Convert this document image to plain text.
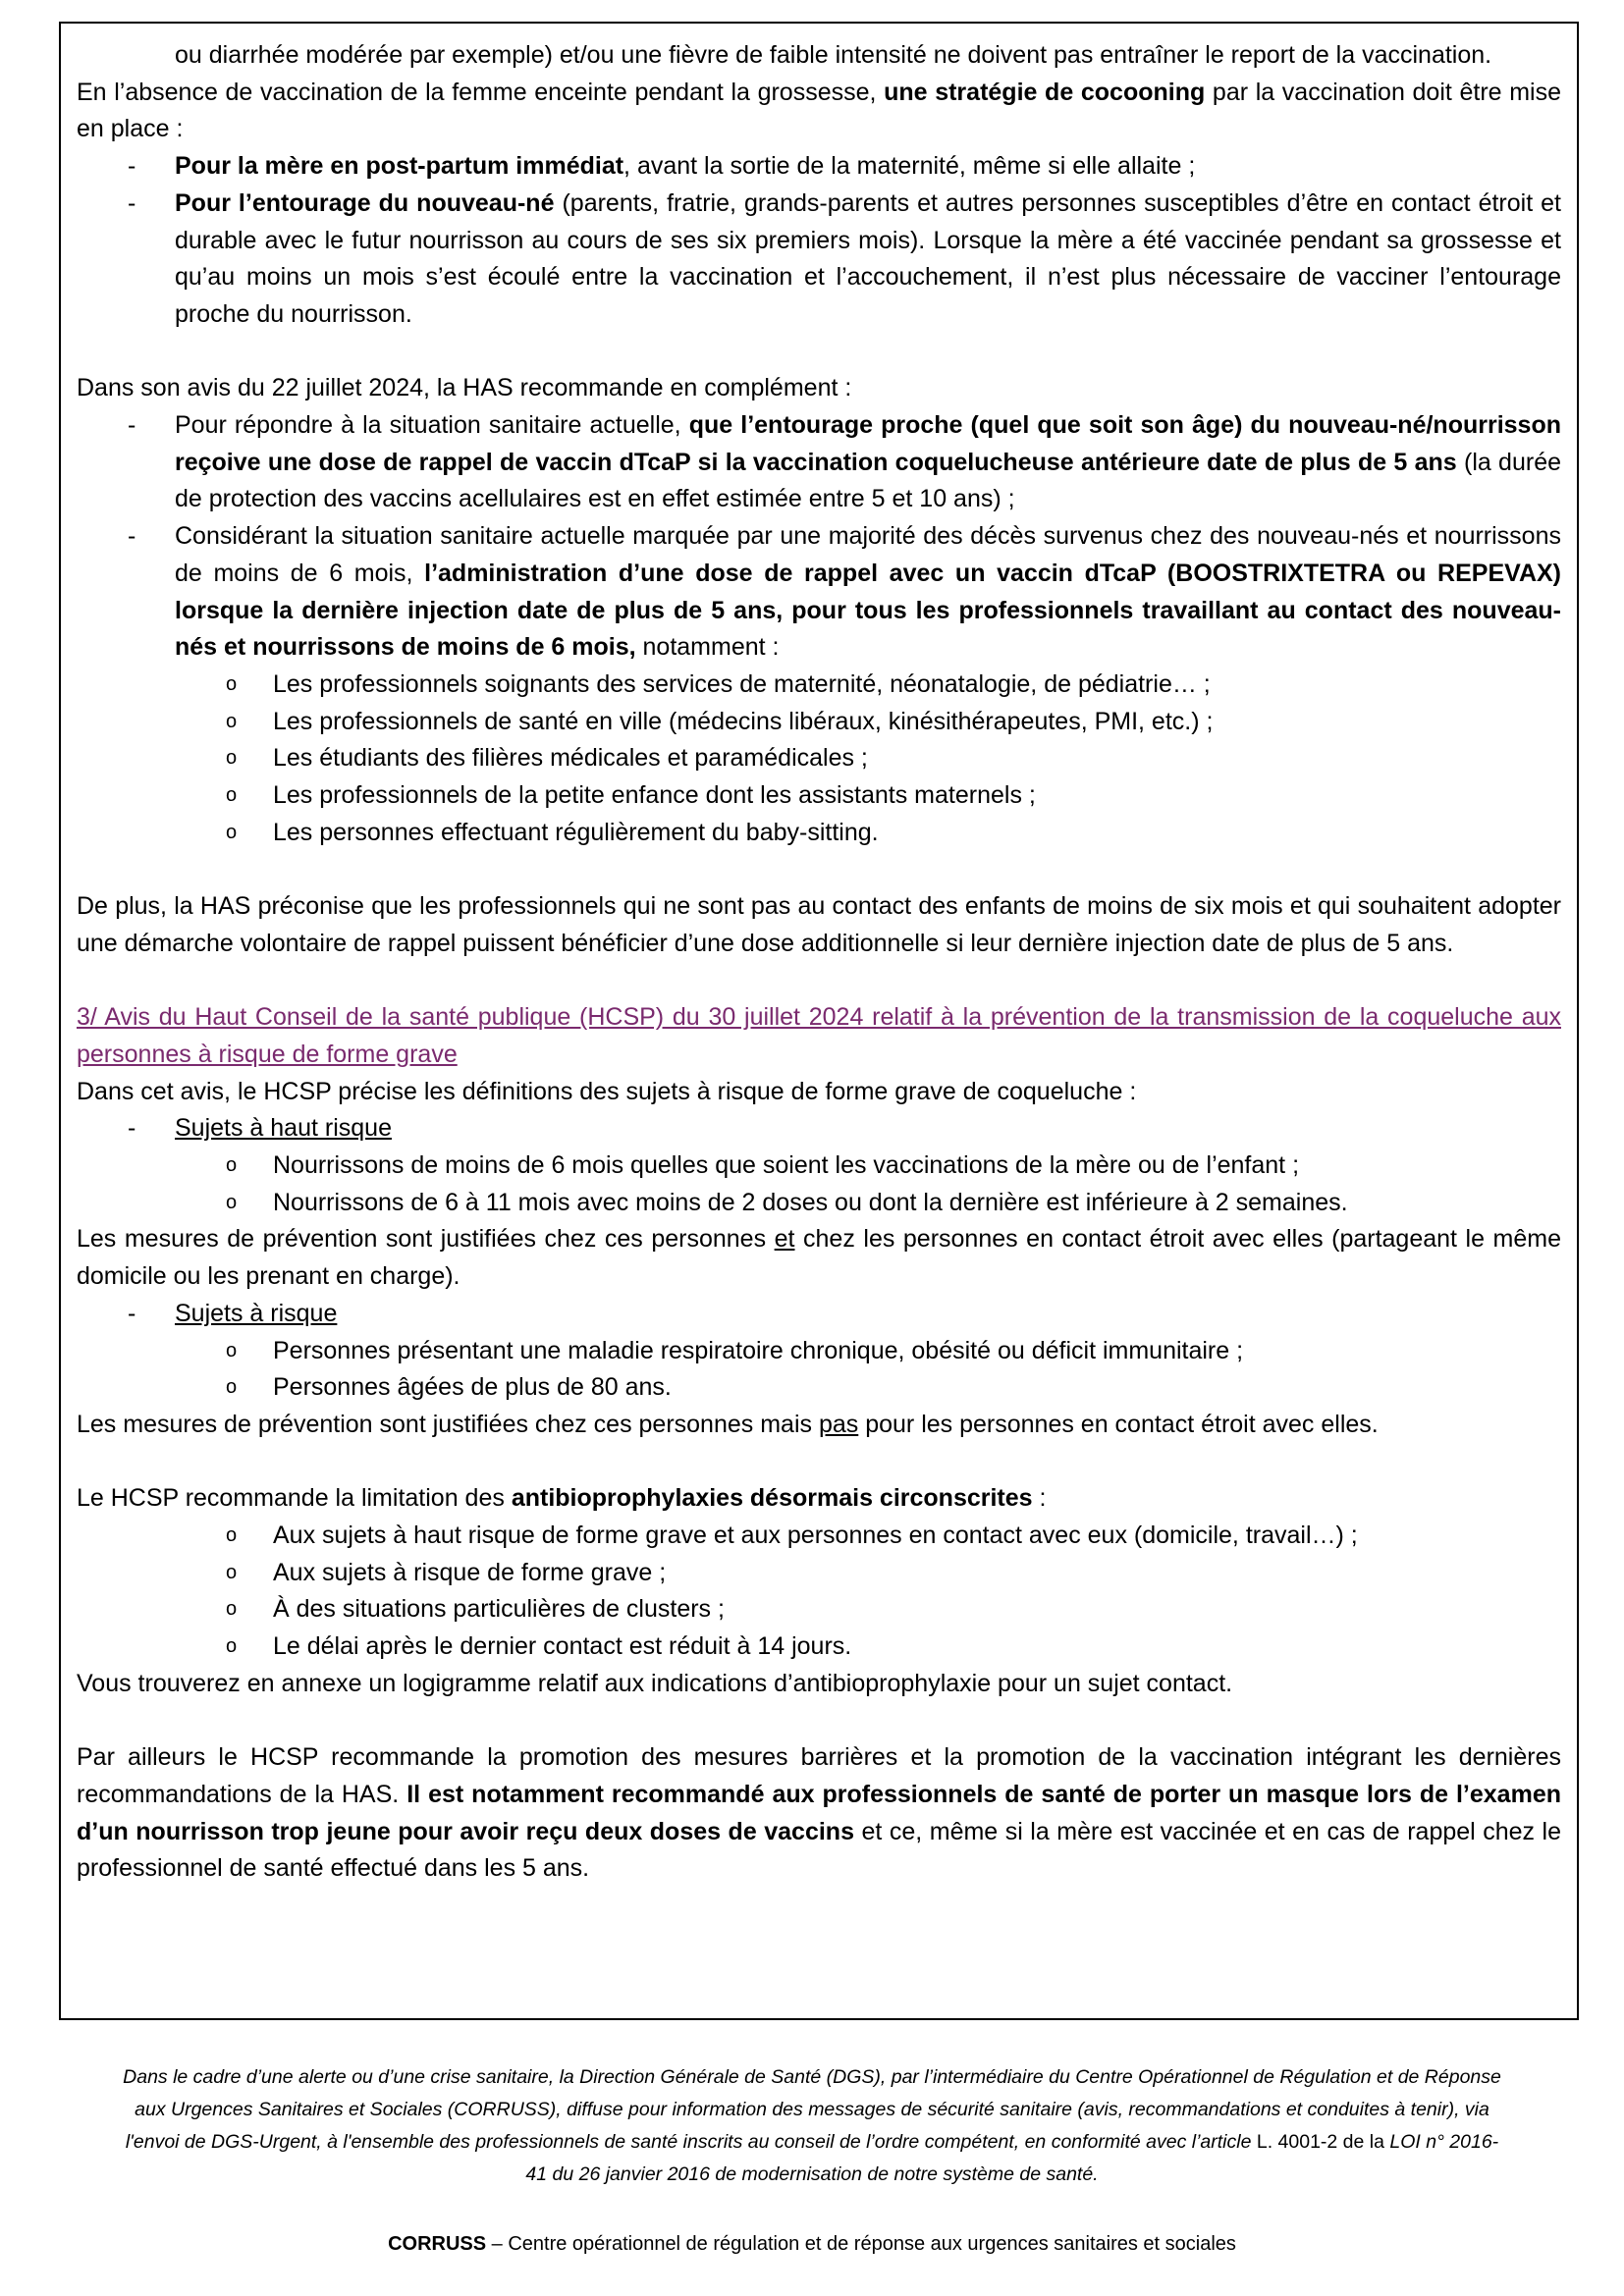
ou diarrhée modérée par exemple) et/ou une fièvre de faible intensité ne doivent pas entraîner le report de la vaccination.

En l’absence de vaccination de la femme enceinte pendant la grossesse, une stratégie de cocooning par la vaccination doit être mise en place :

- Pour la mère en post-partum immédiat, avant la sortie de la maternité, même si elle allaite ;

- Pour l’entourage du nouveau-né (parents, fratrie, grands-parents et autres personnes susceptibles d’être en contact étroit et durable avec le futur nourrisson au cours de ses six premiers mois). Lorsque la mère a été vaccinée pendant sa grossesse et qu’au moins un mois s’est écoulé entre la vaccination et l’accouchement, il n’est plus nécessaire de vacciner l’entourage proche du nourrisson.

Dans son avis du 22 juillet 2024, la HAS recommande en complément :

- Pour répondre à la situation sanitaire actuelle, que l’entourage proche (quel que soit son âge) du nouveau-né/nourrisson reçoive une dose de rappel de vaccin dTcaP si la vaccination coquelucheuse antérieure date de plus de 5 ans (la durée de protection des vaccins acellulaires est en effet estimée entre 5 et 10 ans) ;

- Considérant la situation sanitaire actuelle marquée par une majorité des décès survenus chez des nouveau-nés et nourrissons de moins de 6 mois, l’administration d’une dose de rappel avec un vaccin dTcaP (BOOSTRIXTETRA ou REPEVAX) lorsque la dernière injection date de plus de 5 ans, pour tous les professionnels travaillant au contact des nouveau-nés et nourrissons de moins de 6 mois, notamment :

o Les professionnels soignants des services de maternité, néonatalogie, de pédiatrie… ;

o Les professionnels de santé en ville (médecins libéraux, kinésithérapeutes, PMI, etc.) ;

o Les étudiants des filières médicales et paramédicales ;

o Les professionnels de la petite enfance dont les assistants maternels ;

o Les personnes effectuant régulièrement du baby-sitting.

De plus, la HAS préconise que les professionnels qui ne sont pas au contact des enfants de moins de six mois et qui souhaitent adopter une démarche volontaire de rappel puissent bénéficier d’une dose additionnelle si leur dernière injection date de plus de 5 ans.

3/ Avis du Haut Conseil de la santé publique (HCSP) du 30 juillet 2024 relatif à la prévention de la transmission de la coqueluche aux personnes à risque de forme grave

Dans cet avis, le HCSP précise les définitions des sujets à risque de forme grave de coqueluche :

- Sujets à haut risque

o Nourrissons de moins de 6 mois quelles que soient les vaccinations de la mère ou de l’enfant ;

o Nourrissons de 6 à 11 mois avec moins de 2 doses ou dont la dernière est inférieure à 2 semaines.

Les mesures de prévention sont justifiées chez ces personnes et chez les personnes en contact étroit avec elles (partageant le même domicile ou les prenant en charge).

- Sujets à risque

o Personnes présentant une maladie respiratoire chronique, obésité ou déficit immunitaire ;

o Personnes âgées de plus de 80 ans.

Les mesures de prévention sont justifiées chez ces personnes mais pas pour les personnes en contact étroit avec elles.

Le HCSP recommande la limitation des antibioprophylaxies désormais circonscrites :

o Aux sujets à haut risque de forme grave et aux personnes en contact avec eux (domicile, travail…) ;

o Aux sujets à risque de forme grave ;

o À des situations particulières de clusters ;

o Le délai après le dernier contact est réduit à 14 jours.

Vous trouverez en annexe un logigramme relatif aux indications d’antibioprophylaxie pour un sujet contact.

Par ailleurs le HCSP recommande la promotion des mesures barrières et la promotion de la vaccination intégrant les dernières recommandations de la HAS. Il est notamment recommandé aux professionnels de santé de porter un masque lors de l’examen d’un nourrisson trop jeune pour avoir reçu deux doses de vaccins et ce, même si la mère est vaccinée et en cas de rappel chez le professionnel de santé effectué dans les 5 ans.

Dans le cadre d’une alerte ou d’une crise sanitaire, la Direction Générale de Santé (DGS), par l’intermédiaire du Centre Opérationnel de Régulation et de Réponse aux Urgences Sanitaires et Sociales (CORRUSS), diffuse pour information des messages de sécurité sanitaire (avis, recommandations et conduites à tenir), via l'envoi de DGS-Urgent, à l'ensemble des professionnels de santé inscrits au conseil de l’ordre compétent, en conformité avec l’article L. 4001-2 de la LOI n° 2016-41 du 26 janvier 2016 de modernisation de notre système de santé.
CORRUSS – Centre opérationnel de régulation et de réponse aux urgences sanitaires et sociales
